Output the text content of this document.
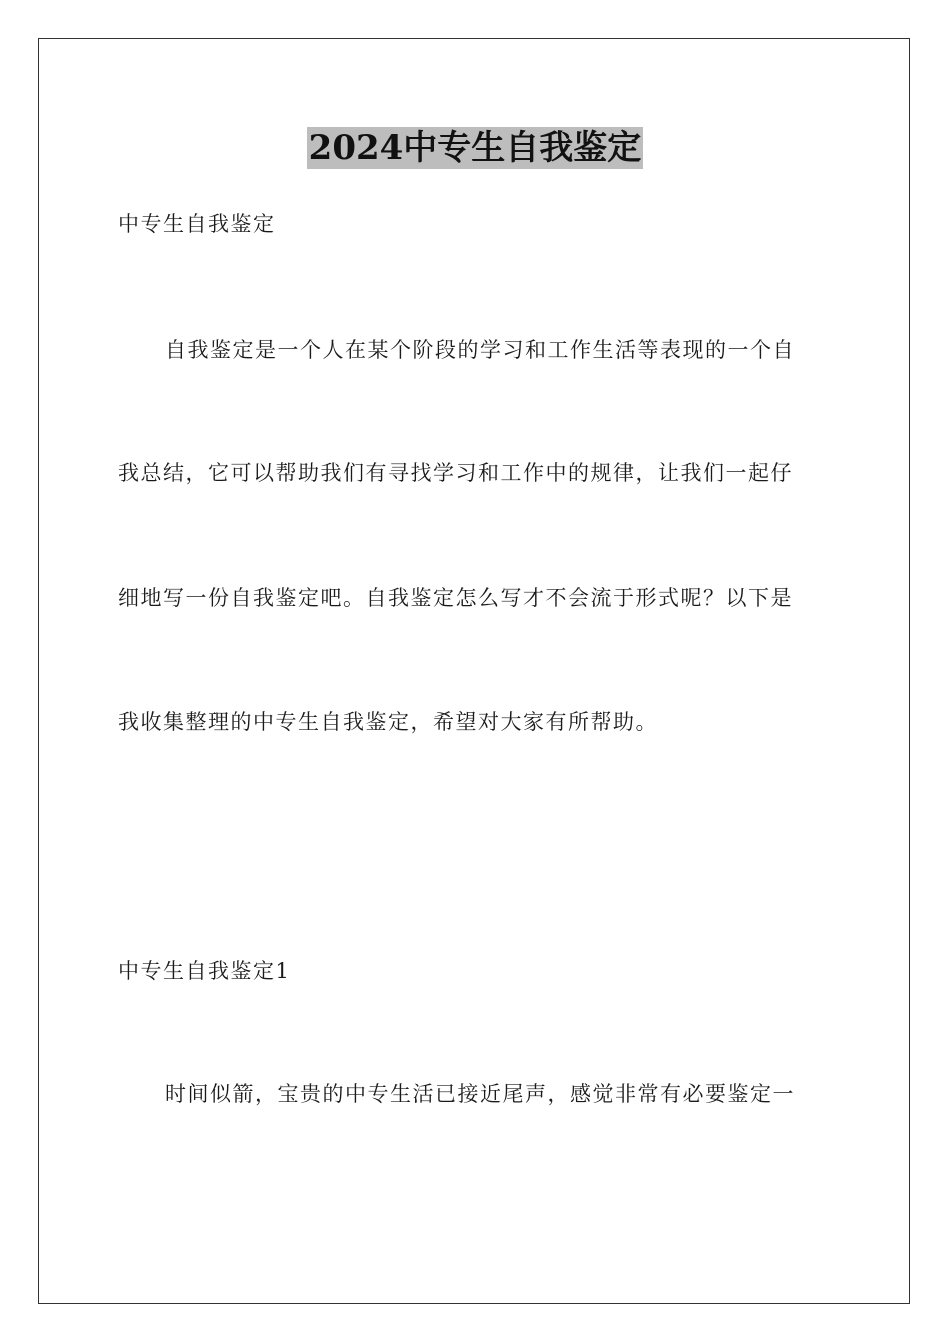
2024中专生自我鉴定
中专生自我鉴定
自我鉴定是一个人在某个阶段的学习和工作生活等表现的一个自
我总结，它可以帮助我们有寻找学习和工作中的规律，让我们一起仔
细地写一份自我鉴定吧。自我鉴定怎么写才不会流于形式呢？以下是
我收集整理的中专生自我鉴定，希望对大家有所帮助。
中专生自我鉴定1
时间似箭，宝贵的中专生活已接近尾声，感觉非常有必要鉴定一
